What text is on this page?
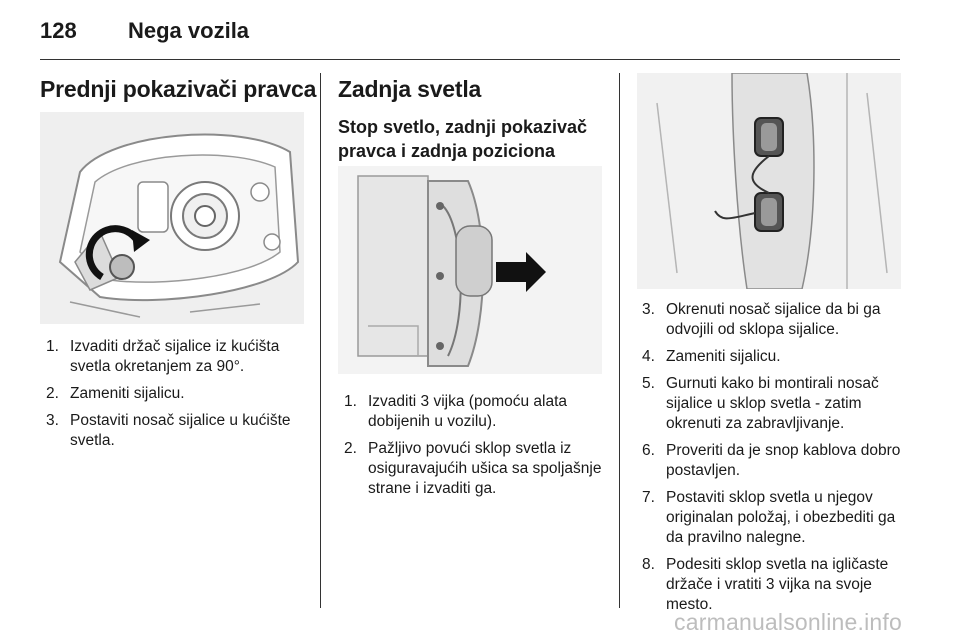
128	Nega vozila
Prednji pokazivači pravca
1. Izvaditi držač sijalice iz kućišta svetla okretanjem za 90°.
2. Zameniti sijalicu.
3. Postaviti nosač sijalice u kućište svetla.
Zadnja svetla
Stop svetlo, zadnji pokazivač
pravca i zadnja poziciona
1. Izvaditi 3 vijka (pomoću alata dobijenih u vozilu).
2. Pažljivo povući sklop svetla iz osiguravajućih ušica sa spoljašnje strane i izvaditi ga.
3. Okrenuti nosač sijalice da bi ga odvojili od sklopa sijalice.
4. Zameniti sijalicu.
5. Gurnuti kako bi montirali nosač sijalice u sklop svetla - zatim okrenuti za zabravljivanje.
6. Proveriti da je snop kablova dobro postavljen.
7. Postaviti sklop svetla u njegov originalan položaj, i obezbediti ga da pravilno nalegne.
8. Podesiti sklop svetla na igličaste držače i vratiti 3 vijka na svoje mesto.
carmanualsonline.info
